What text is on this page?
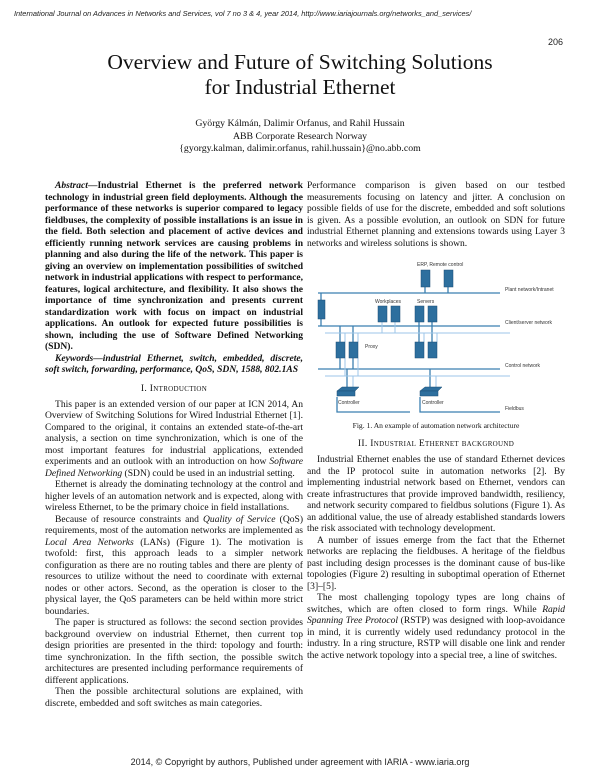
International Journal on Advances in Networks and Services, vol 7 no 3 & 4, year 2014, http://www.iariajournals.org/networks_and_services/
206
Overview and Future of Switching Solutions
for Industrial Ethernet
György Kálmán, Dalimir Orfanus, and Rahil Hussain
ABB Corporate Research Norway
{gyorgy.kalman, dalimir.orfanus, rahil.hussain}@no.abb.com

Abstract—Industrial Ethernet is the preferred network technology in industrial green field deployments. Although the performance of these networks is superior compared to legacy fieldbuses, the complexity of possible installations is an issue in the field. Both selection and placement of active devices and efficiently running network services are causing problems in planning and also during the life of the network. This paper is giving an overview on implementation possibilities of switched network in industrial applications with respect to performance, features, logical architecture, and flexibility. It also shows the importance of time synchronization and presents current standardization work with focus on impact on industrial applications. An outlook for expected future possibilities is shown, including the use of Software Defined Networking (SDN).

Keywords—industrial Ethernet, switch, embedded, discrete, soft switch, forwarding, performance, QoS, SDN, 1588, 802.1AS

I. Introduction

This paper is an extended version of our paper at ICN 2014, An Overview of Switching Solutions for Wired Industrial Ethernet [1]. Compared to the original, it contains an extended state-of-the-art analysis, a section on time synchronization, which is one of the most important features for industrial applications, extended experiments and an outlook with an introduction on how Software Defined Networking (SDN) could be used in an industrial setting.

Ethernet is already the dominating technology at the control and higher levels of an automation network and is expected, along with wireless Ethernet, to be the primary choice in field installations.

Because of resource constraints and Quality of Service (QoS) requirements, most of the automation networks are implemented as Local Area Networks (LANs) (Figure 1). The motivation is twofold: first, this approach leads to a simpler network configuration as there are no routing tables and there are plenty of resources to utilize without the need to coordinate with external nodes or other actors. Second, as the operation is closer to the physical layer, the QoS parameters can be held within more strict boundaries.

The paper is structured as follows: the second section provides background overview on industrial Ethernet, then current top design priorities are presented in the third: topology and fourth: time synchronization. In the fifth section, the possible switch architectures are presented including performance requirements of different applications.

Then the possible architectural solutions are explained, with discrete, embedded and soft switches as main categories.

Performance comparison is given based on our testbed measurements focusing on latency and jitter. A conclusion on possible fields of use for the discrete, embedded and soft solutions is given. As a possible evolution, an outlook on SDN for future industrial Ethernet planning and extensions towards using Layer 3 networks and wireless solutions is shown.

ERP, Remote control
Plant network/Intranet
Workplaces	Servers
Client/server network
Proxy
Control network
Controller	Controller
Fieldbus
Fig. 1. An example of automation network architecture
II. Industrial Ethernet background

Industrial Ethernet enables the use of standard Ethernet devices and the IP protocol suite in automation networks [2]. By implementing industrial network based on Ethernet, vendors can create infrastructures that provide improved bandwidth, resiliency, and network security compared to fieldbus solutions (Figure 1). As an additional value, the use of already established standards lowers the risk associated with technology development.

A number of issues emerge from the fact that the Ethernet networks are replacing the fieldbuses. A heritage of the fieldbus past including design processes is the dominant cause of bus-like topologies (Figure 2) resulting in suboptimal operation of Ethernet [3]–[5].

The most challenging topology types are long chains of switches, which are often closed to form rings. While Rapid Spanning Tree Protocol (RSTP) was designed with loop-avoidance in mind, it is currently widely used redundancy protocol in the industry. In a ring structure, RSTP will disable one link and render the active network topology into a special tree, a line of switches.

2014, © Copyright by authors, Published under agreement with IARIA - www.iaria.org
